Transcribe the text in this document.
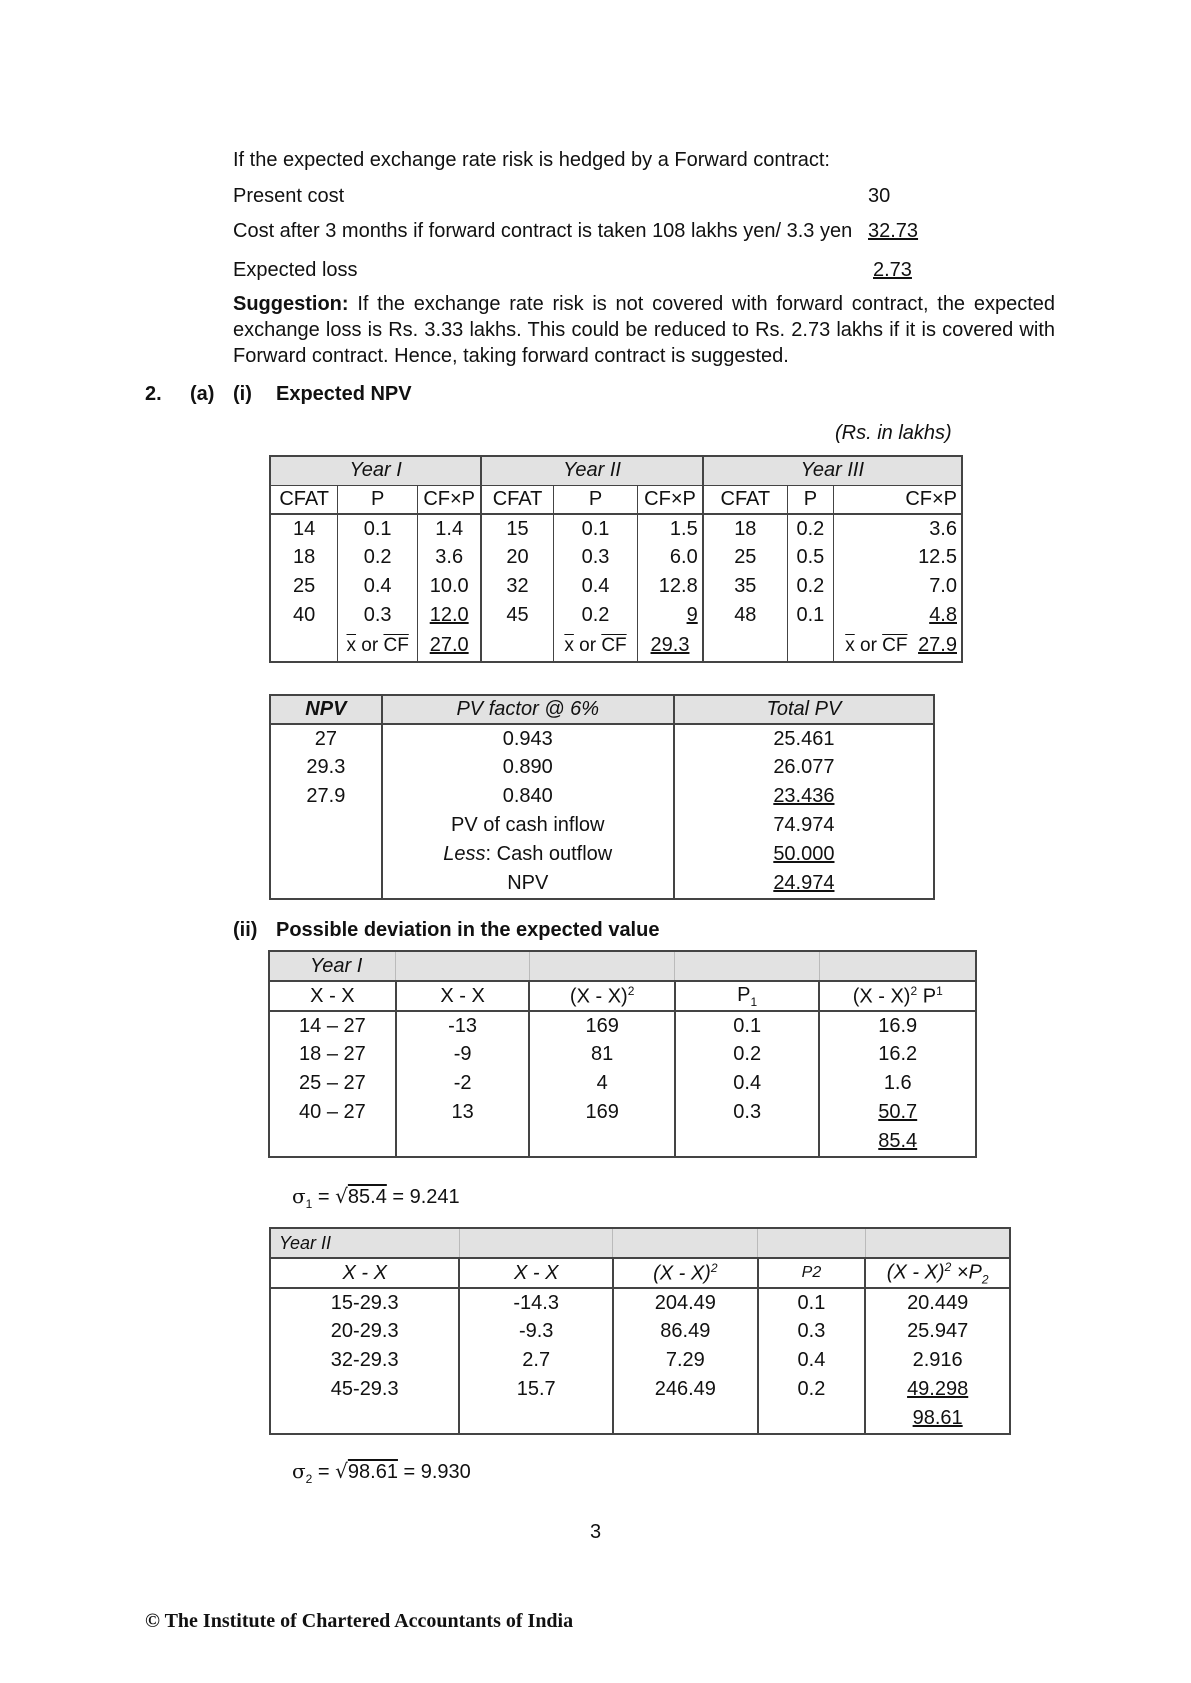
If the expected exchange rate risk is hedged by a Forward contract:
Present cost	30
Cost after 3 months if forward contract is taken 108 lakhs yen/ 3.3 yen 32.73
Expected loss	2.73
Suggestion: If the exchange rate risk is not covered with forward contract, the expected exchange loss is Rs. 3.33 lakhs. This could be reduced to Rs. 2.73 lakhs if it is covered with Forward contract. Hence, taking forward contract is suggested.
2. (a) (i) Expected NPV
(Rs. in lakhs)
Year I			Year II			Year III		
CFAT	P	CF×P	CFAT	P	CF×P	CFAT	P	CF×P
14	0.1	1.4	15	0.1	1.5	18	0.2	3.6
18	0.2	3.6	20	0.3	6.0	25	0.5	12.5
25	0.4	10.0	32	0.4	12.8	35	0.2	7.0
40	0.3	12.0	45	0.2	9	48	0.1	4.8
	$\overline{x}$ or $\overline{CF}$	27.0		$\overline{x}$ or $\overline{CF}$	29.3			$\overline{x}$ or $\overline{CF}$ 27.9
NPV	PV factor @ 6%	Total PV
27	0.943	25.461
29.3	0.890	26.077
27.9	0.840	23.436
	PV of cash inflow	74.974
	Less: Cash outflow	50.000
	NPV	24.974
(ii) Possible deviation in the expected value
Year I				
X - X	X - X	(X - X)$^2$	$P_1$	(X - X)$^2$ $P^1$
14 – 27	-13	169	0.1	16.9
18 – 27	-9	81	0.2	16.2
25 – 27	-2	4	0.4	1.6
40 – 27	13	169	0.3	50.7
				85.4
$\sigma_1 = √85.4 = 9.241$
Year II				
X - X	X - X	(X - X)$^2$	P2	$(X - X)^2 \times P_2$
15-29.3	-14.3	204.49	0.1	20.449
20-29.3	-9.3	86.49	0.3	25.947
32-29.3	2.7	7.29	0.4	2.916
45-29.3	15.7	246.49	0.2	49.298
				98.61
$\sigma_2 = √98.61 = 9.930$
3
© The Institute of Chartered Accountants of India
